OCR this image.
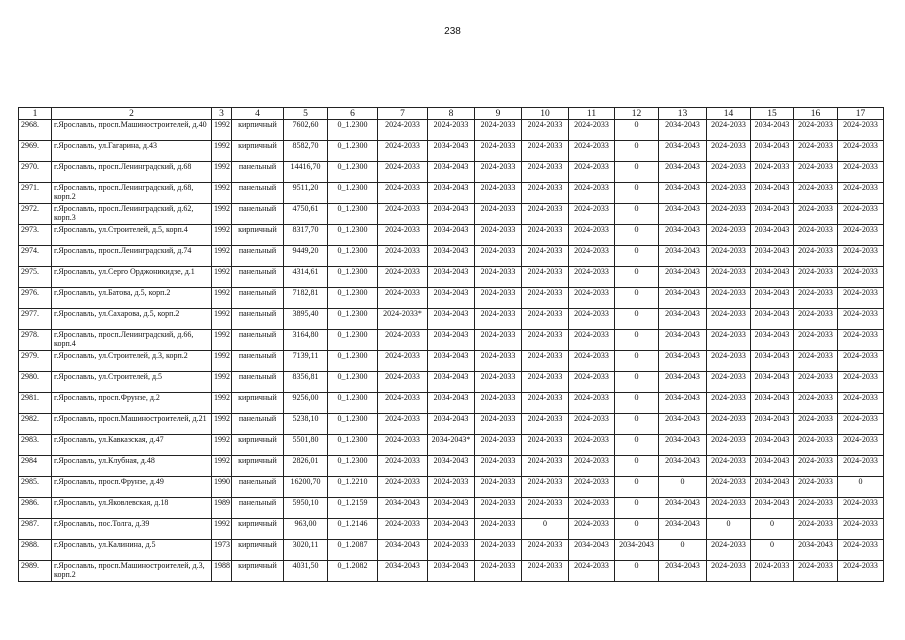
238
1	2	3	4	5	6	7	8	9	10	11	12	13	14	15	16	17
2968.	г.Ярославль, просп.Машиностроителей, д.40	1992	кирпичный	7602,60	0_1.2300	2024-2033	2024-2033	2024-2033	2024-2033	2024-2033	0	2034-2043	2024-2033	2034-2043	2024-2033	2024-2033
2969.	г.Ярославль, ул.Гагарина, д.43	1992	кирпичный	8582,70	0_1.2300	2024-2033	2034-2043	2024-2033	2024-2033	2024-2033	0	2034-2043	2024-2033	2034-2043	2024-2033	2024-2033
2970.	г.Ярославль, просп.Ленинградский, д.68	1992	панельный	14416,70	0_1.2300	2024-2033	2034-2043	2024-2033	2024-2033	2024-2033	0	2034-2043	2024-2033	2024-2033	2024-2033	2024-2033
2971.	г.Ярославль, просп.Ленинградский, д.68, корп.2	1992	панельный	9511,20	0_1.2300	2024-2033	2034-2043	2024-2033	2024-2033	2024-2033	0	2034-2043	2024-2033	2034-2043	2024-2033	2024-2033
2972.	г.Ярославль, просп.Ленинградский, д.62, корп.3	1992	панельный	4750,61	0_1.2300	2024-2033	2034-2043	2024-2033	2024-2033	2024-2033	0	2034-2043	2024-2033	2034-2043	2024-2033	2024-2033
2973.	г.Ярославль, ул.Строителей, д.5, корп.4	1992	кирпичный	8317,70	0_1.2300	2024-2033	2034-2043	2024-2033	2024-2033	2024-2033	0	2034-2043	2024-2033	2034-2043	2024-2033	2024-2033
2974.	г.Ярославль, просп.Ленинградский, д.74	1992	панельный	9449,20	0_1.2300	2024-2033	2034-2043	2024-2033	2024-2033	2024-2033	0	2034-2043	2024-2033	2034-2043	2024-2033	2024-2033
2975.	г.Ярославль, ул.Серго Орджоникидзе, д.1	1992	панельный	4314,61	0_1.2300	2024-2033	2034-2043	2024-2033	2024-2033	2024-2033	0	2034-2043	2024-2033	2034-2043	2024-2033	2024-2033
2976.	г.Ярославль, ул.Батова, д.5, корп.2	1992	панельный	7182,81	0_1.2300	2024-2033	2034-2043	2024-2033	2024-2033	2024-2033	0	2034-2043	2024-2033	2034-2043	2024-2033	2024-2033
2977.	г.Ярославль, ул.Сахарова, д.5, корп.2	1992	панельный	3895,40	0_1.2300	2024-2033*	2034-2043	2024-2033	2024-2033	2024-2033	0	2034-2043	2024-2033	2034-2043	2024-2033	2024-2033
2978.	г.Ярославль, просп.Ленинградский, д.66, корп.4	1992	панельный	3164,80	0_1.2300	2024-2033	2034-2043	2024-2033	2024-2033	2024-2033	0	2034-2043	2024-2033	2034-2043	2024-2033	2024-2033
2979.	г.Ярославль, ул.Строителей, д.3, корп.2	1992	панельный	7139,11	0_1.2300	2024-2033	2034-2043	2024-2033	2024-2033	2024-2033	0	2034-2043	2024-2033	2034-2043	2024-2033	2024-2033
2980.	г.Ярославль, ул.Строителей, д.5	1992	панельный	8356,81	0_1.2300	2024-2033	2034-2043	2024-2033	2024-2033	2024-2033	0	2034-2043	2024-2033	2034-2043	2024-2033	2024-2033
2981.	г.Ярославль, просп.Фрунзе, д.2	1992	кирпичный	9256,00	0_1.2300	2024-2033	2034-2043	2024-2033	2024-2033	2024-2033	0	2034-2043	2024-2033	2034-2043	2024-2033	2024-2033
2982.	г.Ярославль, просп.Машиностроителей, д.21	1992	панельный	5238,10	0_1.2300	2024-2033	2034-2043	2024-2033	2024-2033	2024-2033	0	2034-2043	2024-2033	2034-2043	2024-2033	2024-2033
2983.	г.Ярославль, ул.Кавказская, д.47	1992	кирпичный	5501,80	0_1.2300	2024-2033	2034-2043*	2024-2033	2024-2033	2024-2033	0	2034-2043	2024-2033	2034-2043	2024-2033	2024-2033
2984	г.Ярославль, ул.Клубная, д.48	1992	кирпичный	2826,01	0_1.2300	2024-2033	2034-2043	2024-2033	2024-2033	2024-2033	0	2034-2043	2024-2033	2034-2043	2024-2033	2024-2033
2985.	г.Ярославль, просп.Фрунзе, д.49	1990	панельный	16200,70	0_1.2210	2024-2033	2024-2033	2024-2033	2024-2033	2024-2033	0	0	2024-2033	2034-2043	2024-2033	0
2986.	г.Ярославль, ул.Яковлевская, д.18	1989	панельный	5950,10	0_1.2159	2034-2043	2034-2043	2024-2033	2024-2033	2024-2033	0	2034-2043	2024-2033	2034-2043	2024-2033	2024-2033
2987.	г.Ярославль, пос.Толга, д.39	1992	кирпичный	963,00	0_1.2146	2024-2033	2034-2043	2024-2033	0	2024-2033	0	2034-2043	0	0	2024-2033	2024-2033
2988.	г.Ярославль, ул.Калинина, д.5	1973	кирпичный	3020,11	0_1.2087	2034-2043	2024-2033	2024-2033	2024-2033	2034-2043	2034-2043	0	2024-2033	0	2034-2043	2024-2033
2989.	г.Ярославль, просп.Машиностроителей, д.3, корп.2	1988	кирпичный	4031,50	0_1.2082	2034-2043	2034-2043	2024-2033	2024-2033	2024-2033	0	2034-2043	2024-2033	2024-2033	2024-2033	2024-2033
